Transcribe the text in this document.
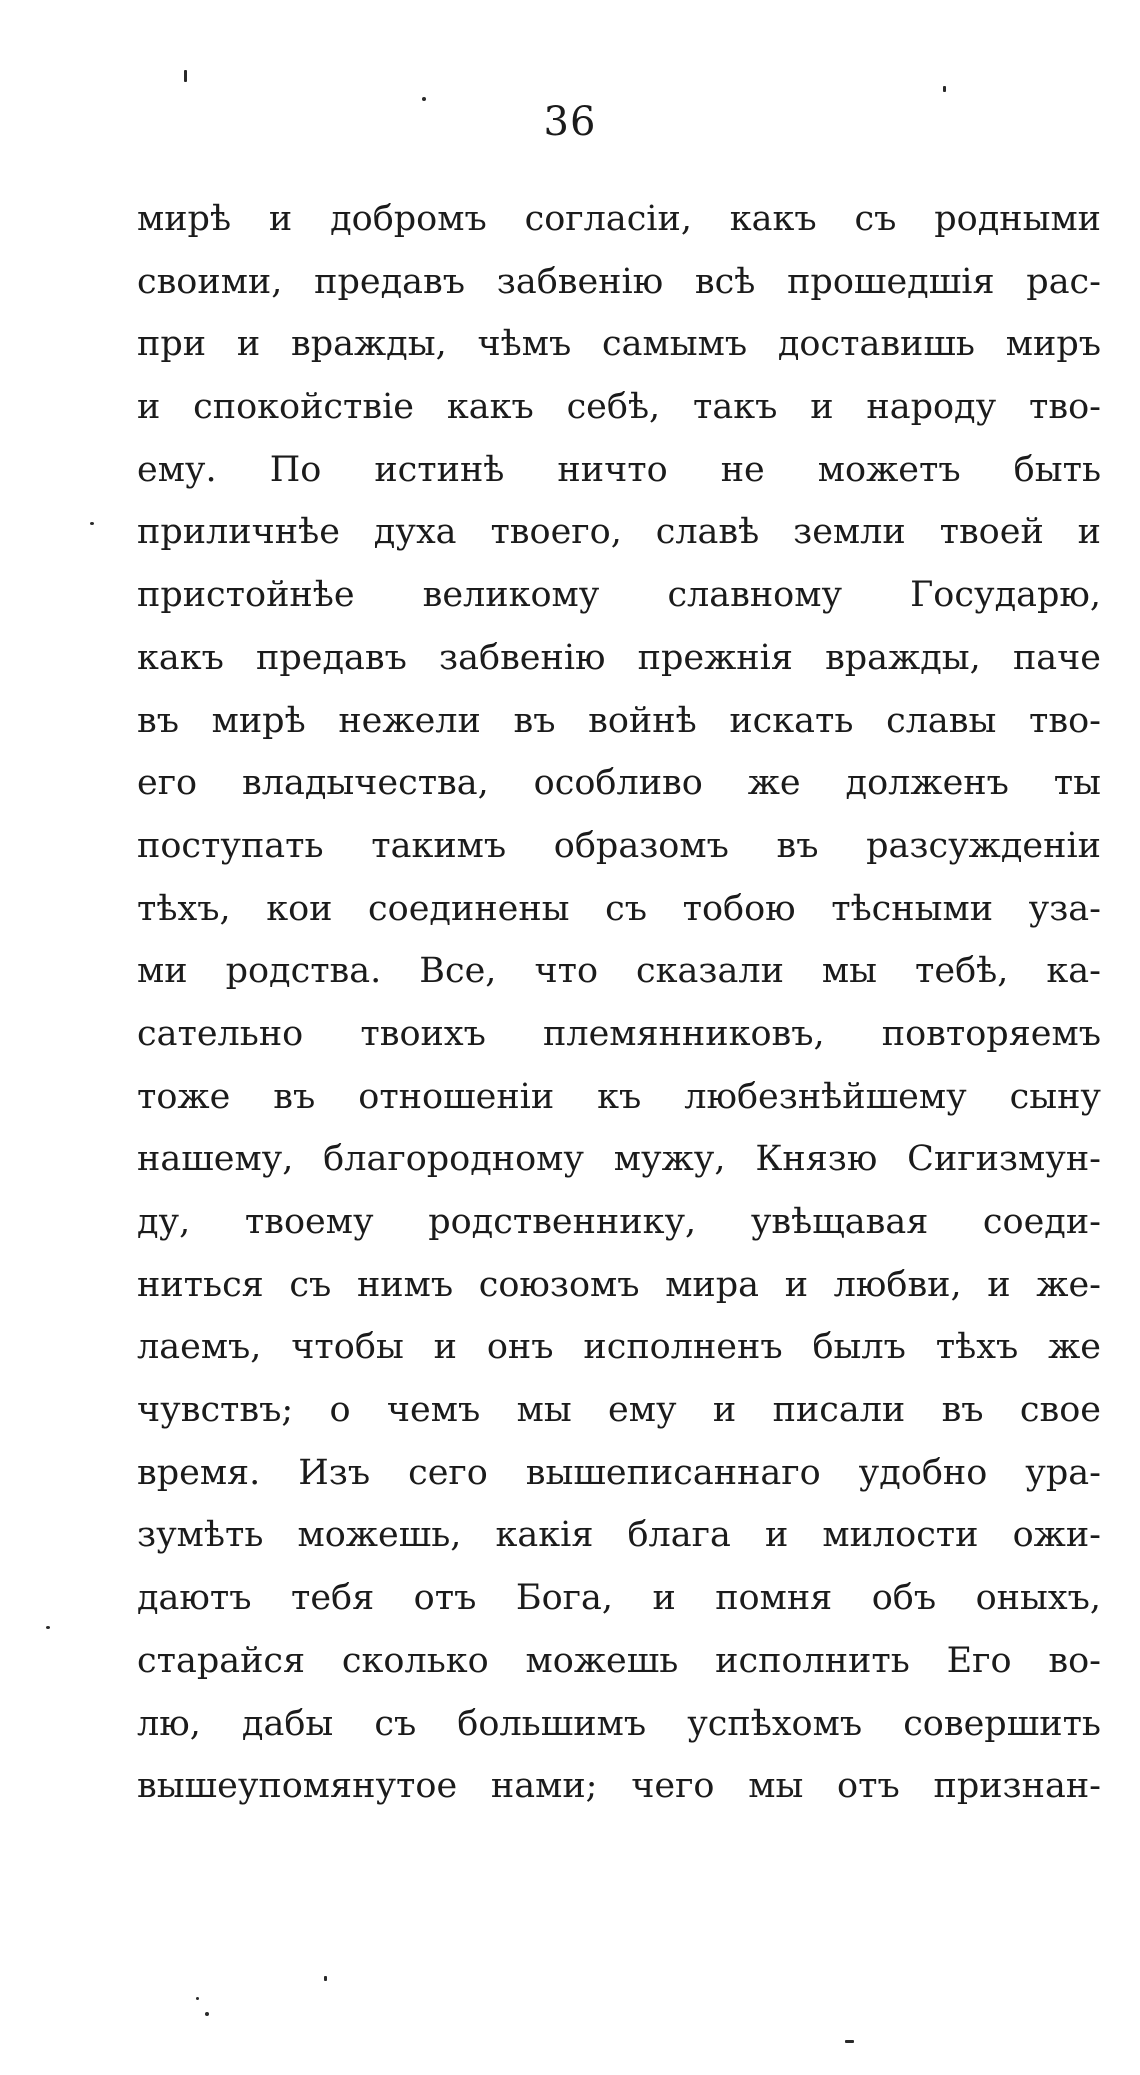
36
мирѣ и добромъ согласіи, какъ съ родными
своими, предавъ забвенію всѣ прошедшія рас-
при и вражды, чѣмъ самымъ доставишь миръ
и спокойствіе какъ себѣ, такъ и народу тво-
ему. По истинѣ ничто не можетъ быть
приличнѣе духа твоего, славѣ земли твоей и
пристойнѣе великому славному Государю,
какъ предавъ забвенію прежнія вражды, паче
въ мирѣ нежели въ войнѣ искать славы тво-
его владычества, особливо же долженъ ты
поступать такимъ образомъ въ разсужденіи
тѣхъ, кои соединены съ тобою тѣсными уза-
ми родства. Все, что сказали мы тебѣ, ка-
сательно твоихъ племянниковъ, повторяемъ
тоже въ отношеніи къ любезнѣйшему сыну
нашему, благородному мужу, Князю Сигизмун-
ду, твоему родственнику, увѣщавая соеди-
ниться съ нимъ союзомъ мира и любви, и же-
лаемъ, чтобы и онъ исполненъ былъ тѣхъ же
чувствъ; о чемъ мы ему и писали въ свое
время. Изъ сего вышеписаннаго удобно ура-
зумѣть можешь, какія блага и милости ожи-
даютъ тебя отъ Бога, и помня объ оныхъ,
старайся сколько можешь исполнить Его во-
лю, дабы съ большимъ успѣхомъ совершить
вышеупомянутое нами; чего мы отъ признан-
